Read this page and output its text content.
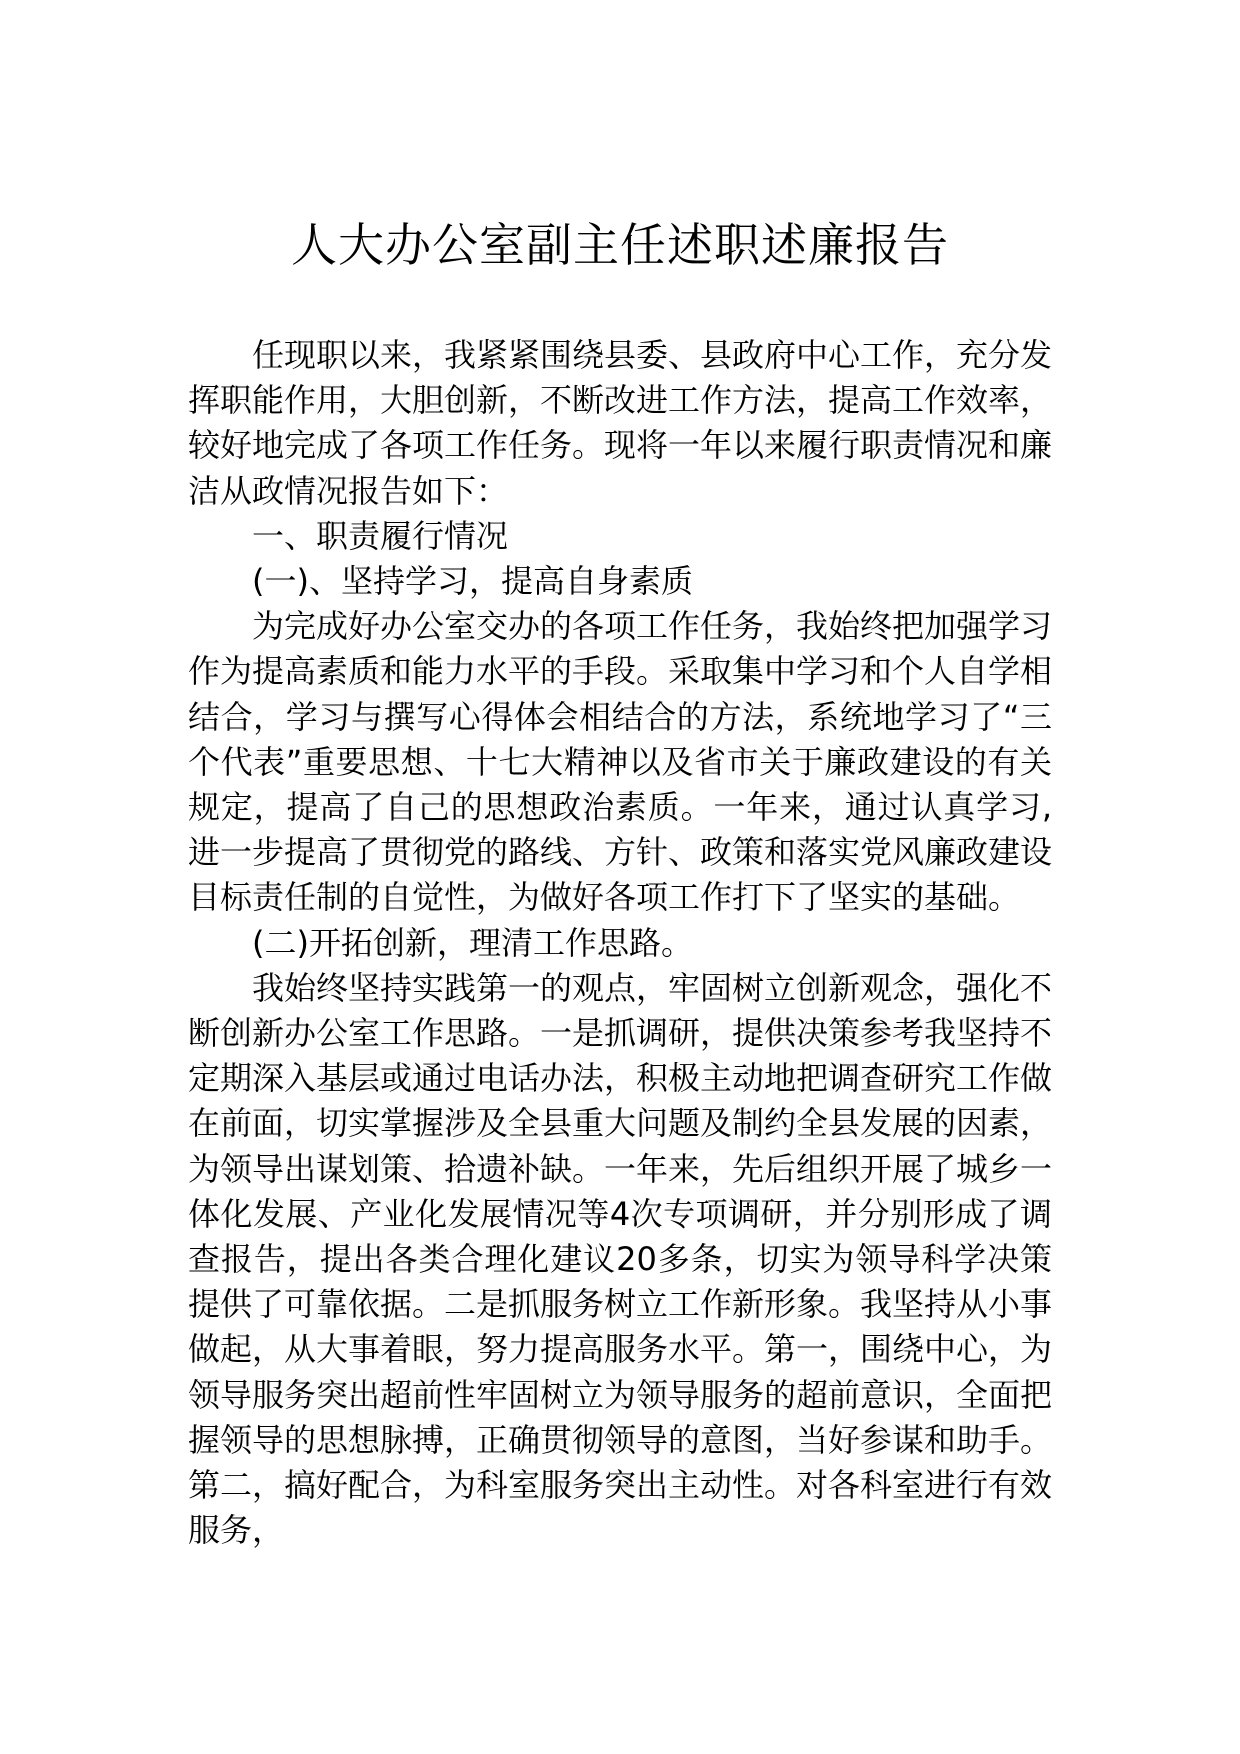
人大办公室副主任述职述廉报告

任现职以来，我紧紧围绕县委、县政府中心工作，充分发挥职能作用，大胆创新，不断改进工作方法，提高工作效率，较好地完成了各项工作任务。现将一年以来履行职责情况和廉洁从政情况报告如下：

一、职责履行情况

(一)、坚持学习，提高自身素质

为完成好办公室交办的各项工作任务，我始终把加强学习作为提高素质和能力水平的手段。采取集中学习和个人自学相结合，学习与撰写心得体会相结合的方法，系统地学习了“三个代表”重要思想、十七大精神以及省市关于廉政建设的有关规定，提高了自己的思想政治素质。一年来，通过认真学习,进一步提高了贯彻党的路线、方针、政策和落实党风廉政建设目标责任制的自觉性，为做好各项工作打下了坚实的基础。

(二)开拓创新，理清工作思路。

我始终坚持实践第一的观点，牢固树立创新观念，强化不断创新办公室工作思路。一是抓调研，提供决策参考我坚持不定期深入基层或通过电话办法，积极主动地把调查研究工作做在前面，切实掌握涉及全县重大问题及制约全县发展的因素，为领导出谋划策、拾遗补缺。一年来，先后组织开展了城乡一体化发展、产业化发展情况等4次专项调研，并分别形成了调查报告，提出各类合理化建议20多条，切实为领导科学决策提供了可靠依据。二是抓服务树立工作新形象。我坚持从小事做起，从大事着眼，努力提高服务水平。第一，围绕中心，为领导服务突出超前性牢固树立为领导服务的超前意识，全面把握领导的思想脉搏，正确贯彻领导的意图，当好参谋和助手。第二，搞好配合，为科室服务突出主动性。对各科室进行有效服务，
